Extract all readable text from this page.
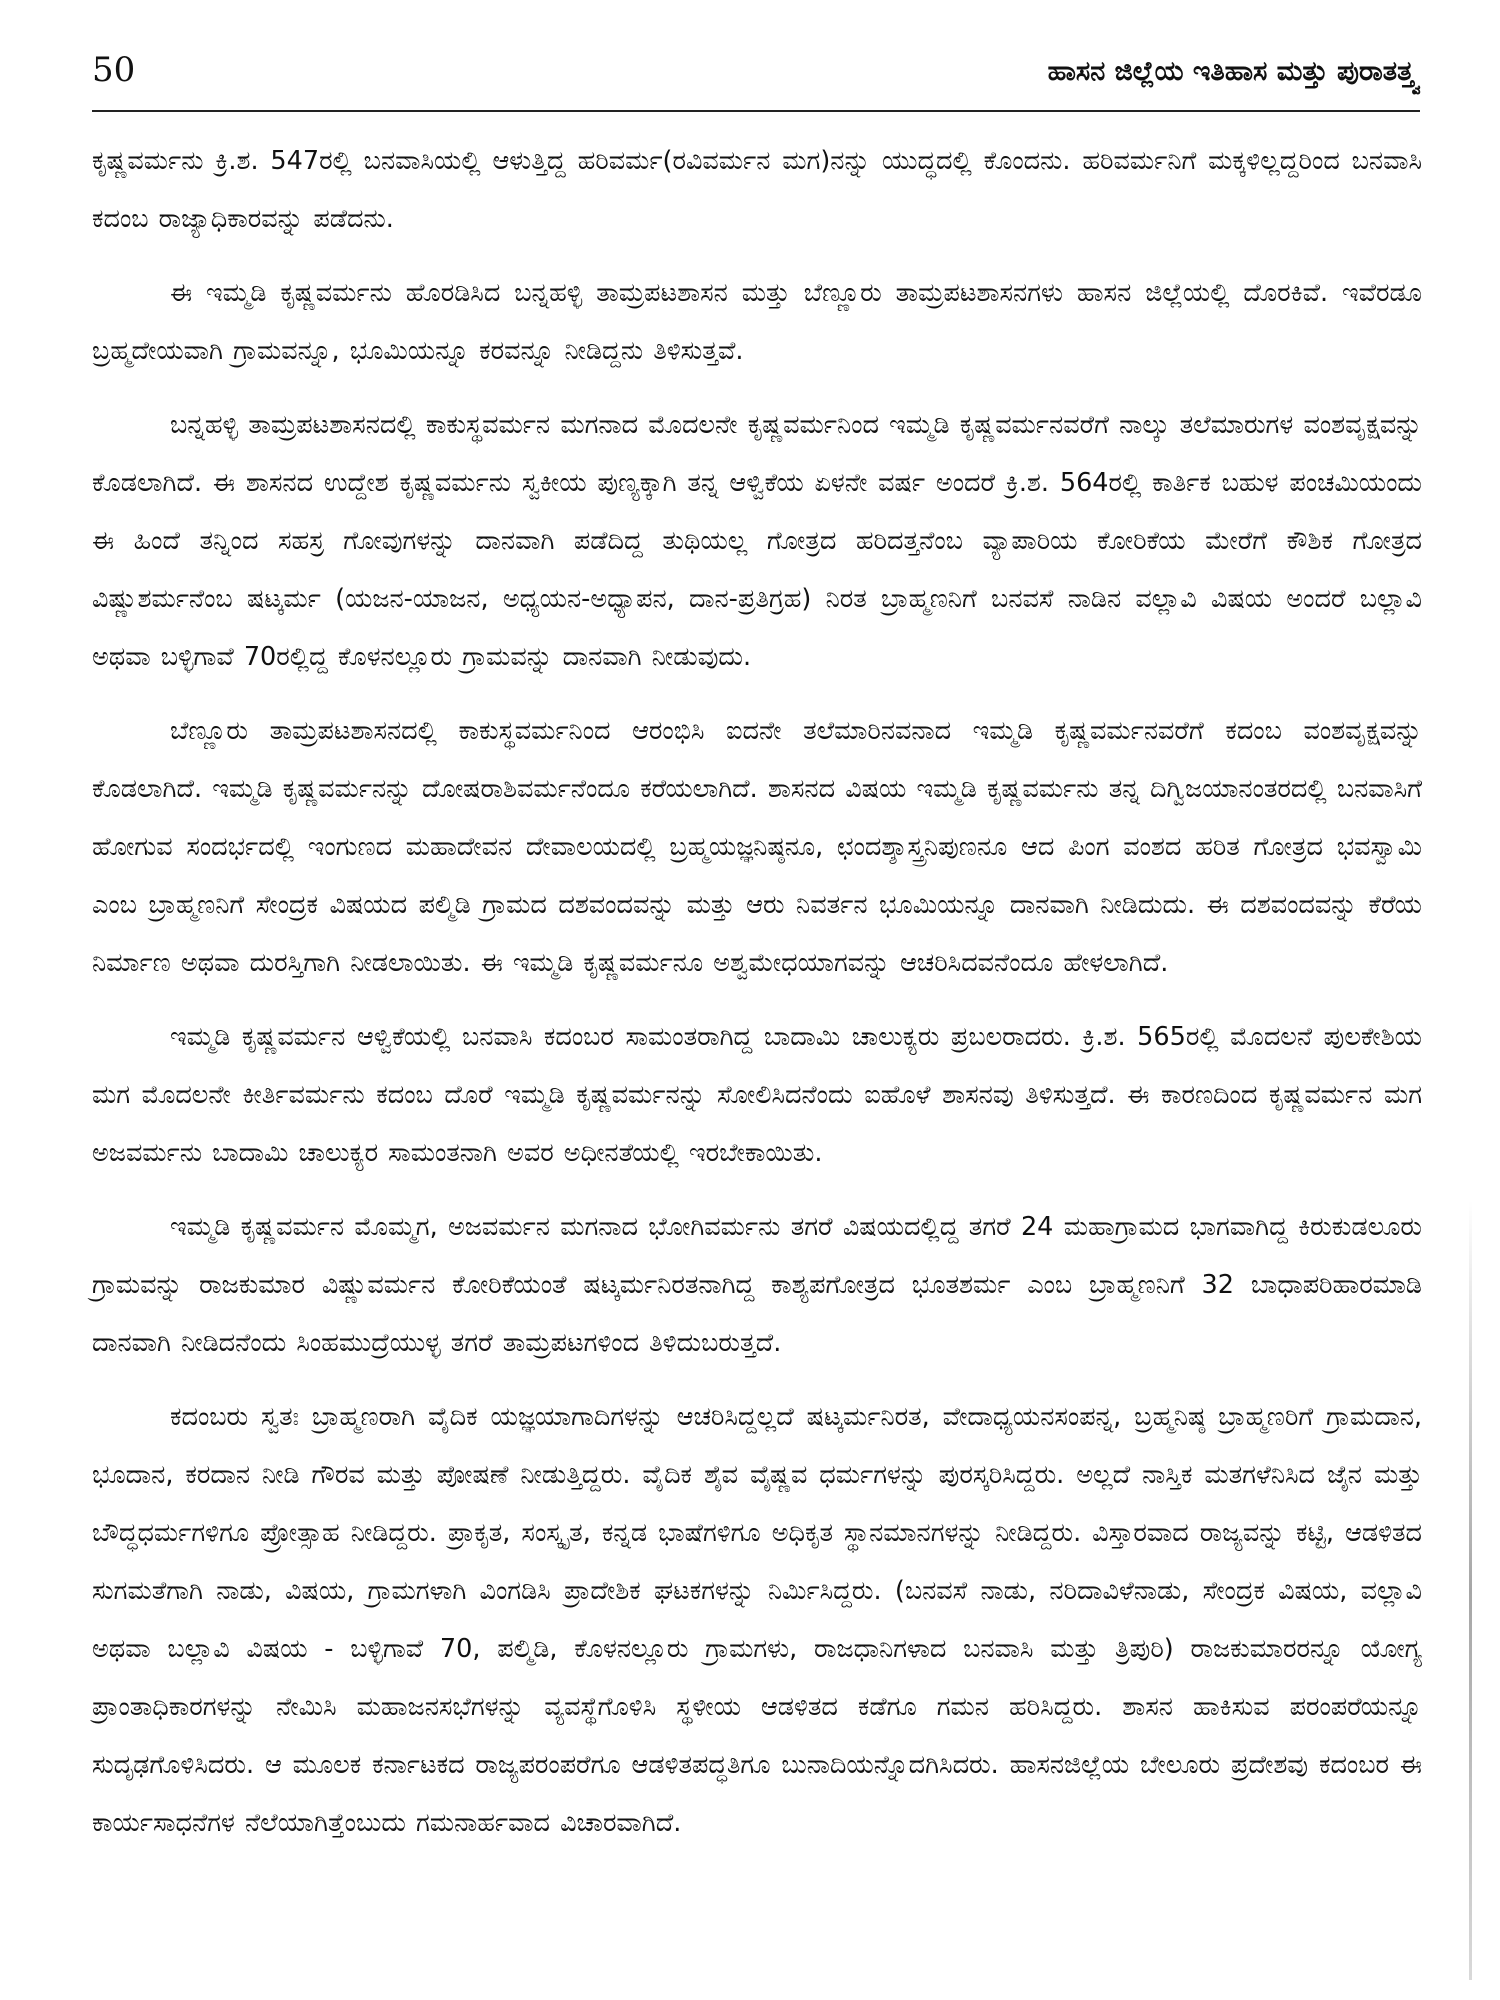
50	ಹಾಸನ ಜಿಲ್ಲೆಯ ಇತಿಹಾಸ ಮತ್ತು ಪುರಾತತ್ತ್ವ

ಕೃಷ್ಣವರ್ಮನು ಕ್ರಿ.ಶ. 547ರಲ್ಲಿ ಬನವಾಸಿಯಲ್ಲಿ ಆಳುತ್ತಿದ್ದ ಹರಿವರ್ಮ(ರವಿವರ್ಮನ ಮಗ)ನನ್ನು ಯುದ್ಧದಲ್ಲಿ ಕೊಂದನು. ಹರಿವರ್ಮನಿಗೆ ಮಕ್ಕಳಿಲ್ಲದ್ದರಿಂದ ಬನವಾಸಿ ಕದಂಬ ರಾಜ್ಯಾಧಿಕಾರವನ್ನು ಪಡೆದನು.

ಈ ಇಮ್ಮಡಿ ಕೃಷ್ಣವರ್ಮನು ಹೊರಡಿಸಿದ ಬನ್ನಹಳ್ಳಿ ತಾಮ್ರಪಟಶಾಸನ ಮತ್ತು ಬೆಣ್ಣೂರು ತಾಮ್ರಪಟಶಾಸನಗಳು ಹಾಸನ ಜಿಲ್ಲೆಯಲ್ಲಿ ದೊರಕಿವೆ. ಇವೆರಡೂ ಬ್ರಹ್ಮದೇಯವಾಗಿ ಗ್ರಾಮವನ್ನೂ, ಭೂಮಿಯನ್ನೂ ಕರವನ್ನೂ ನೀಡಿದ್ದನು ತಿಳಿಸುತ್ತವೆ.

ಬನ್ನಹಳ್ಳಿ ತಾಮ್ರಪಟಶಾಸನದಲ್ಲಿ ಕಾಕುಸ್ಥವರ್ಮನ ಮಗನಾದ ಮೊದಲನೇ ಕೃಷ್ಣವರ್ಮನಿಂದ ಇಮ್ಮಡಿ ಕೃಷ್ಣವರ್ಮನವರೆಗೆ ನಾಲ್ಕು ತಲೆಮಾರುಗಳ ವಂಶವೃಕ್ಷವನ್ನು ಕೊಡಲಾಗಿದೆ. ಈ ಶಾಸನದ ಉದ್ದೇಶ ಕೃಷ್ಣವರ್ಮನು ಸ್ವಕೀಯ ಪುಣ್ಯಕ್ಕಾಗಿ ತನ್ನ ಆಳ್ವಿಕೆಯ ಏಳನೇ ವರ್ಷ ಅಂದರೆ ಕ್ರಿ.ಶ. 564ರಲ್ಲಿ ಕಾರ್ತಿಕ ಬಹುಳ ಪಂಚಮಿಯಂದು ಈ ಹಿಂದೆ ತನ್ನಿಂದ ಸಹಸ್ರ ಗೋವುಗಳನ್ನು ದಾನವಾಗಿ ಪಡೆದಿದ್ದ ತುಥಿಯಲ್ಲ ಗೋತ್ರದ ಹರಿದತ್ತನೆಂಬ ವ್ಯಾಪಾರಿಯ ಕೋರಿಕೆಯ ಮೇರೆಗೆ ಕೌಶಿಕ ಗೋತ್ರದ ವಿಷ್ಣುಶರ್ಮನೆಂಬ ಷಟ್ಕರ್ಮ (ಯಜನ-ಯಾಜನ, ಅಧ್ಯಯನ-ಅಧ್ಯಾಪನ, ದಾನ-ಪ್ರತಿಗ್ರಹ) ನಿರತ ಬ್ರಾಹ್ಮಣನಿಗೆ ಬನವಸೆ ನಾಡಿನ ವಲ್ಲಾವಿ ವಿಷಯ ಅಂದರೆ ಬಲ್ಲಾವಿ ಅಥವಾ ಬಳ್ಳಿಗಾವೆ 70ರಲ್ಲಿದ್ದ ಕೊಳನಲ್ಲೂರು ಗ್ರಾಮವನ್ನು ದಾನವಾಗಿ ನೀಡುವುದು.

ಬೆಣ್ಣೂರು ತಾಮ್ರಪಟಶಾಸನದಲ್ಲಿ ಕಾಕುಸ್ಥವರ್ಮನಿಂದ ಆರಂಭಿಸಿ ಐದನೇ ತಲೆಮಾರಿನವನಾದ ಇಮ್ಮಡಿ ಕೃಷ್ಣವರ್ಮನವರೆಗೆ ಕದಂಬ ವಂಶವೃಕ್ಷವನ್ನು ಕೊಡಲಾಗಿದೆ. ಇಮ್ಮಡಿ ಕೃಷ್ಣವರ್ಮನನ್ನು ದೋಷರಾಶಿವರ್ಮನೆಂದೂ ಕರೆಯಲಾಗಿದೆ. ಶಾಸನದ ವಿಷಯ ಇಮ್ಮಡಿ ಕೃಷ್ಣವರ್ಮನು ತನ್ನ ದಿಗ್ವಿಜಯಾನಂತರದಲ್ಲಿ ಬನವಾಸಿಗೆ ಹೋಗುವ ಸಂದರ್ಭದಲ್ಲಿ ಇಂಗುಣದ ಮಹಾದೇವನ ದೇವಾಲಯದಲ್ಲಿ ಬ್ರಹ್ಮಯಜ್ಞನಿಷ್ಠನೂ, ಛಂದಶ್ಶಾಸ್ತ್ರನಿಪುಣನೂ ಆದ ಪಿಂಗ ವಂಶದ ಹರಿತ ಗೋತ್ರದ ಭವಸ್ವಾಮಿ ಎಂಬ ಬ್ರಾಹ್ಮಣನಿಗೆ ಸೇಂದ್ರಕ ವಿಷಯದ ಪಲ್ಮಿಡಿ ಗ್ರಾಮದ ದಶವಂದವನ್ನು ಮತ್ತು ಆರು ನಿವರ್ತನ ಭೂಮಿಯನ್ನೂ ದಾನವಾಗಿ ನೀಡಿದುದು. ಈ ದಶವಂದವನ್ನು ಕೆರೆಯ ನಿರ್ಮಾಣ ಅಥವಾ ದುರಸ್ತಿಗಾಗಿ ನೀಡಲಾಯಿತು. ಈ ಇಮ್ಮಡಿ ಕೃಷ್ಣವರ್ಮನೂ ಅಶ್ವಮೇಧಯಾಗವನ್ನು ಆಚರಿಸಿದವನೆಂದೂ ಹೇಳಲಾಗಿದೆ.

ಇಮ್ಮಡಿ ಕೃಷ್ಣವರ್ಮನ ಆಳ್ವಿಕೆಯಲ್ಲಿ ಬನವಾಸಿ ಕದಂಬರ ಸಾಮಂತರಾಗಿದ್ದ ಬಾದಾಮಿ ಚಾಲುಕ್ಯರು ಪ್ರಬಲರಾದರು. ಕ್ರಿ.ಶ. 565ರಲ್ಲಿ ಮೊದಲನೆ ಪುಲಕೇಶಿಯ ಮಗ ಮೊದಲನೇ ಕೀರ್ತಿವರ್ಮನು ಕದಂಬ ದೊರೆ ಇಮ್ಮಡಿ ಕೃಷ್ಣವರ್ಮನನ್ನು ಸೋಲಿಸಿದನೆಂದು ಐಹೊಳೆ ಶಾಸನವು ತಿಳಿಸುತ್ತದೆ. ಈ ಕಾರಣದಿಂದ ಕೃಷ್ಣವರ್ಮನ ಮಗ ಅಜವರ್ಮನು ಬಾದಾಮಿ ಚಾಲುಕ್ಯರ ಸಾಮಂತನಾಗಿ ಅವರ ಅಧೀನತೆಯಲ್ಲಿ ಇರಬೇಕಾಯಿತು.

ಇಮ್ಮಡಿ ಕೃಷ್ಣವರ್ಮನ ಮೊಮ್ಮಗ, ಅಜವರ್ಮನ ಮಗನಾದ ಭೋಗಿವರ್ಮನು ತಗರೆ ವಿಷಯದಲ್ಲಿದ್ದ ತಗರೆ 24 ಮಹಾಗ್ರಾಮದ ಭಾಗವಾಗಿದ್ದ ಕಿರುಕುಡಲೂರು ಗ್ರಾಮವನ್ನು ರಾಜಕುಮಾರ ವಿಷ್ಣುವರ್ಮನ ಕೋರಿಕೆಯಂತೆ ಷಟ್ಕರ್ಮನಿರತನಾಗಿದ್ದ ಕಾಶ್ಯಪಗೋತ್ರದ ಭೂತಶರ್ಮ ಎಂಬ ಬ್ರಾಹ್ಮಣನಿಗೆ 32 ಬಾಧಾಪರಿಹಾರಮಾಡಿ ದಾನವಾಗಿ ನೀಡಿದನೆಂದು ಸಿಂಹಮುದ್ರೆಯುಳ್ಳ ತಗರೆ ತಾಮ್ರಪಟಗಳಿಂದ ತಿಳಿದುಬರುತ್ತದೆ.

ಕದಂಬರು ಸ್ವತಃ ಬ್ರಾಹ್ಮಣರಾಗಿ ವೈದಿಕ ಯಜ್ಞಯಾಗಾದಿಗಳನ್ನು ಆಚರಿಸಿದ್ದಲ್ಲದೆ ಷಟ್ಕರ್ಮನಿರತ, ವೇದಾಧ್ಯಯನಸಂಪನ್ನ, ಬ್ರಹ್ಮನಿಷ್ಠ ಬ್ರಾಹ್ಮಣರಿಗೆ ಗ್ರಾಮದಾನ, ಭೂದಾನ, ಕರದಾನ ನೀಡಿ ಗೌರವ ಮತ್ತು ಪೋಷಣೆ ನೀಡುತ್ತಿದ್ದರು. ವೈದಿಕ ಶೈವ ವೈಷ್ಣವ ಧರ್ಮಗಳನ್ನು ಪುರಸ್ಕರಿಸಿದ್ದರು. ಅಲ್ಲದೆ ನಾಸ್ತಿಕ ಮತಗಳೆನಿಸಿದ ಜೈನ ಮತ್ತು ಬೌದ್ಧಧರ್ಮಗಳಿಗೂ ಪ್ರೋತ್ಸಾಹ ನೀಡಿದ್ದರು. ಪ್ರಾಕೃತ, ಸಂಸ್ಕೃತ, ಕನ್ನಡ ಭಾಷೆಗಳಿಗೂ ಅಧಿಕೃತ ಸ್ಥಾನಮಾನಗಳನ್ನು ನೀಡಿದ್ದರು. ವಿಸ್ತಾರವಾದ ರಾಜ್ಯವನ್ನು ಕಟ್ಟಿ, ಆಡಳಿತದ ಸುಗಮತೆಗಾಗಿ ನಾಡು, ವಿಷಯ, ಗ್ರಾಮಗಳಾಗಿ ವಿಂಗಡಿಸಿ ಪ್ರಾದೇಶಿಕ ಘಟಕಗಳನ್ನು ನಿರ್ಮಿಸಿದ್ದರು. (ಬನವಸೆ ನಾಡು, ನರಿದಾವಿಳೆನಾಡು, ಸೇಂದ್ರಕ ವಿಷಯ, ವಲ್ಲಾವಿ ಅಥವಾ ಬಲ್ಲಾವಿ ವಿಷಯ - ಬಳ್ಳಿಗಾವೆ 70, ಪಲ್ಮಿಡಿ, ಕೊಳನಲ್ಲೂರು ಗ್ರಾಮಗಳು, ರಾಜಧಾನಿಗಳಾದ ಬನವಾಸಿ ಮತ್ತು ತ್ರಿಪುರಿ) ರಾಜಕುಮಾರರನ್ನೂ ಯೋಗ್ಯ ಪ್ರಾಂತಾಧಿಕಾರಗಳನ್ನು ನೇಮಿಸಿ ಮಹಾಜನಸಭೆಗಳನ್ನು ವ್ಯವಸ್ಥೆಗೊಳಿಸಿ ಸ್ಥಳೀಯ ಆಡಳಿತದ ಕಡೆಗೂ ಗಮನ ಹರಿಸಿದ್ದರು. ಶಾಸನ ಹಾಕಿಸುವ ಪರಂಪರೆಯನ್ನೂ ಸುದೃಢಗೊಳಿಸಿದರು. ಆ ಮೂಲಕ ಕರ್ನಾಟಕದ ರಾಜ್ಯಪರಂಪರೆಗೂ ಆಡಳಿತಪದ್ಧತಿಗೂ ಬುನಾದಿಯನ್ನೊದಗಿಸಿದರು. ಹಾಸನಜಿಲ್ಲೆಯ ಬೇಲೂರು ಪ್ರದೇಶವು ಕದಂಬರ ಈ ಕಾರ್ಯಸಾಧನೆಗಳ ನೆಲೆಯಾಗಿತ್ತೆಂಬುದು ಗಮನಾರ್ಹವಾದ ವಿಚಾರವಾಗಿದೆ.
